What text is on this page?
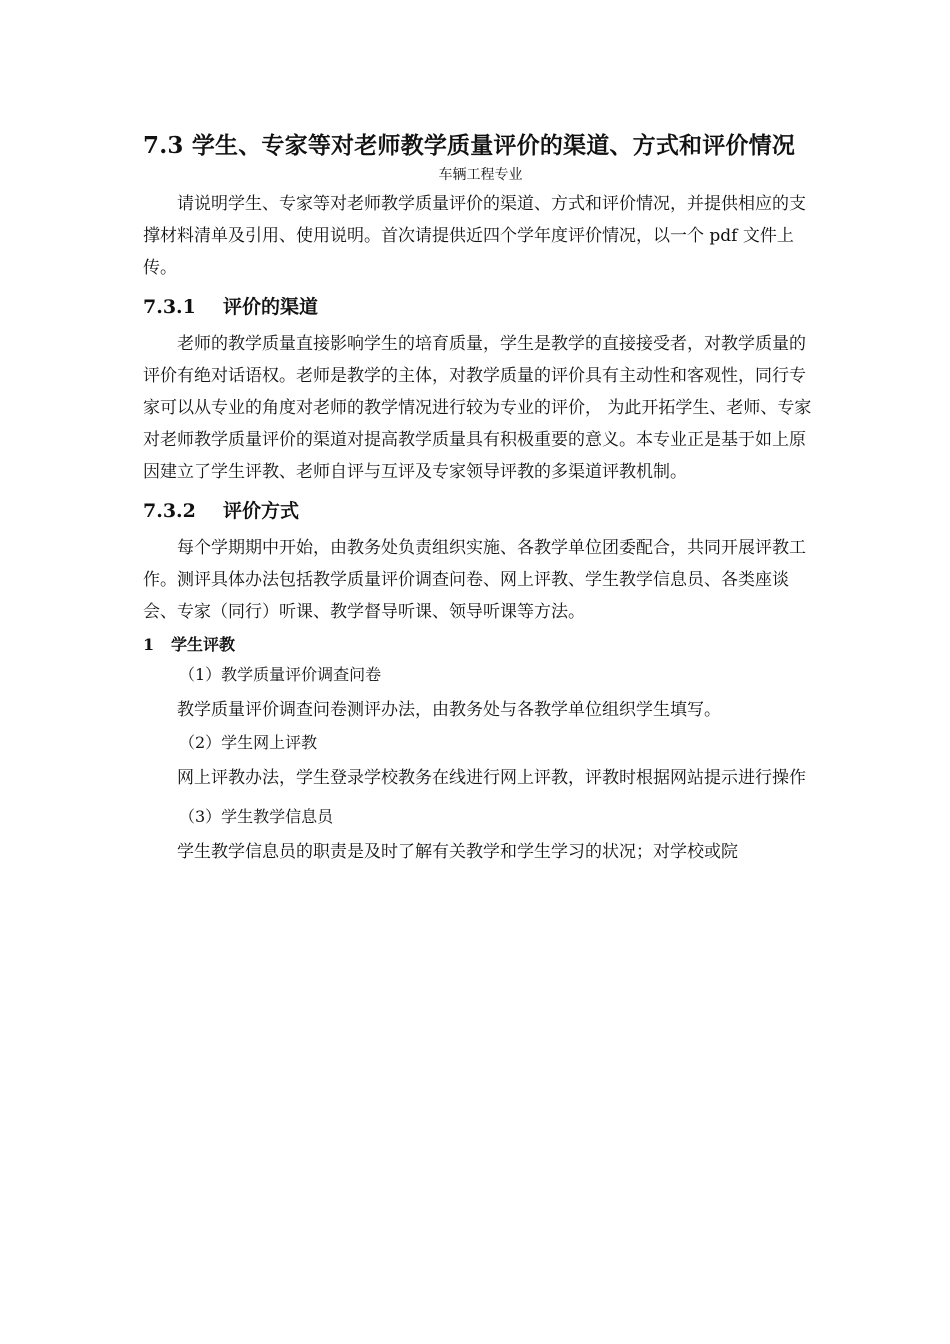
7.3 学生、专家等对老师教学质量评价的渠道、方式和评价情况

车辆工程专业

请说明学生、专家等对老师教学质量评价的渠道、方式和评价情况，并提供相应的支撑材料清单及引用、使用说明。首次请提供近四个学年度评价情况，以一个 pdf 文件上传。

7.3.1 评价的渠道

老师的教学质量直接影响学生的培育质量，学生是教学的直接接受者，对教学质量的评价有绝对话语权。老师是教学的主体，对教学质量的评价具有主动性和客观性，同行专家可以从专业的角度对老师的教学情况进行较为专业的评价， 为此开拓学生、老师、专家对老师教学质量评价的渠道对提高教学质量具有积极重要的意义。本专业正是基于如上原因建立了学生评教、老师自评与互评及专家领导评教的多渠道评教机制。

7.3.2 评价方式

每个学期期中开始，由教务处负责组织实施、各教学单位团委配合，共同开展评教工作。测评具体办法包括教学质量评价调查问卷、网上评教、学生教学信息员、各类座谈会、专家（同行）听课、教学督导听课、领导听课等方法。

1 学生评教
（1）教学质量评价调查问卷

教学质量评价调查问卷测评办法，由教务处与各教学单位组织学生填写。

（2）学生网上评教

网上评教办法，学生登录学校教务在线进行网上评教，评教时根据网站提示进行操作

（3）学生教学信息员

学生教学信息员的职责是及时了解有关教学和学生学习的状况；对学校或院
